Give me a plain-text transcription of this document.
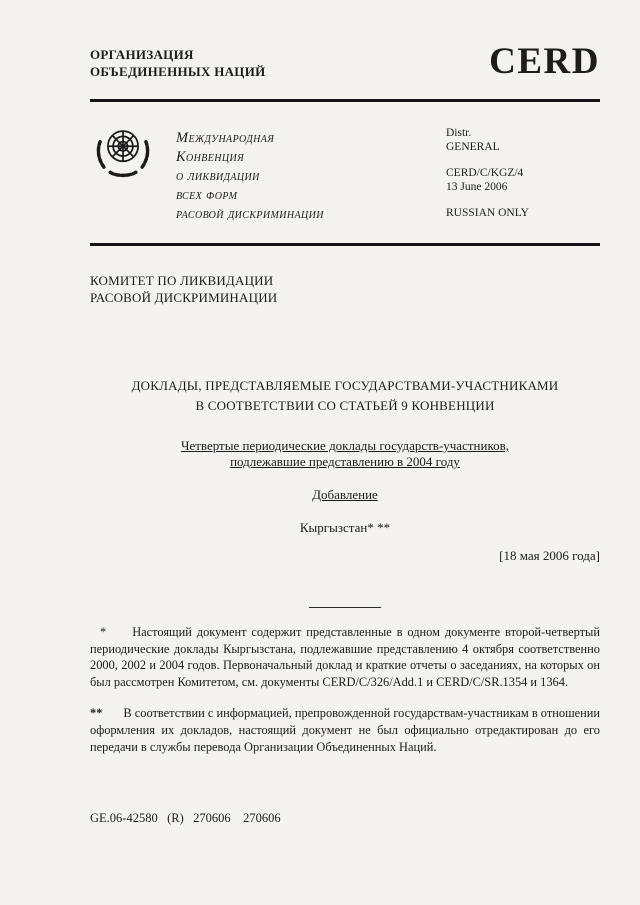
ОРГАНИЗАЦИЯ
ОБЪЕДИНЕННЫХ НАЦИЙ	CERD
Международная
Конвенция
о ликвидации
всех форм
расовой дискриминации
Distr.
GENERAL
CERD/C/KGZ/4
13 June 2006
RUSSIAN ONLY
КОМИТЕТ ПО ЛИКВИДАЦИИ
РАСОВОЙ ДИСКРИМИНАЦИИ

ДОКЛАДЫ, ПРЕДСТАВЛЯЕМЫЕ ГОСУДАРСТВАМИ-УЧАСТНИКАМИ
В СООТВЕТСТВИИ СО СТАТЬЕЙ 9 КОНВЕНЦИИ

Четвертые периодические доклады государств-участников,
подлежавшие представлению в 2004 году

Добавление

Кыргызстан* **

[18 мая 2006 года]

* Настоящий документ содержит представленные в одном документе второй-четвертый периодические доклады Кыргызстана, подлежавшие представлению 4 октября соответственно 2000, 2002 и 2004 годов. Первоначальный доклад и краткие отчеты о заседаниях, на которых он был рассмотрен Комитетом, см. документы CERD/C/326/Add.1 и CERD/C/SR.1354 и 1364.

** В соответствии с информацией, препровожденной государствам-участникам в отношении оформления их докладов, настоящий документ не был официально отредактирован до его передачи в службы перевода Организации Объединенных Наций.

GE.06-42580   (R)   270606    270606
